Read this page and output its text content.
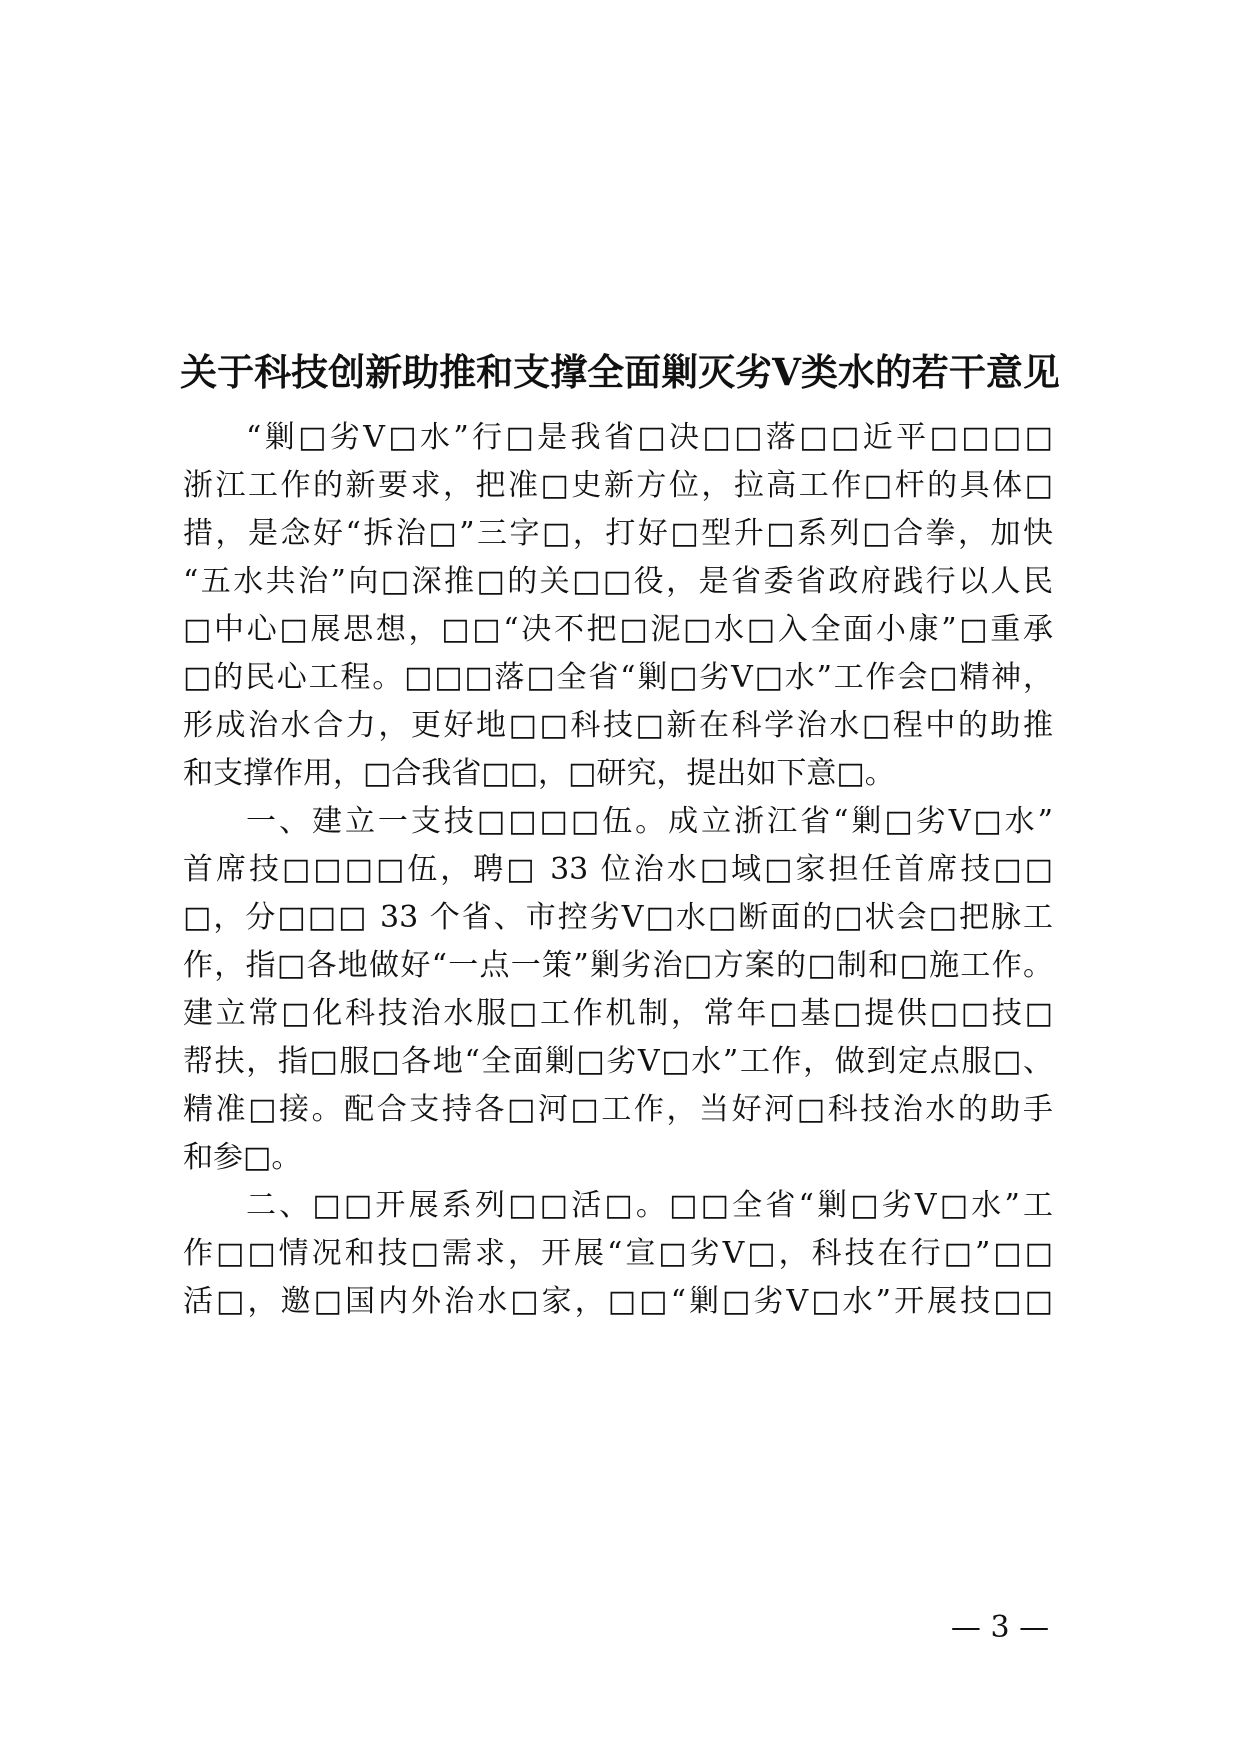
关于科技创新助推和支撑全面剿灭劣Ⅴ类水的若干意见

“剿□劣Ⅴ□水”行□是我省□决□□落□□近平□□□□

浙江工作的新要求，把准□史新方位，拉高工作□杆的具体□

措，是念好“拆治□”三字□，打好□型升□系列□合拳，加快

“五水共治”向□深推□的关□□役，是省委省政府践行以人民

□中心□展思想，□□“决不把□泥□水□入全面小康”□重承

□的民心工程。□□□落□全省“剿□劣Ⅴ□水”工作会□精神，

形成治水合力，更好地□□科技□新在科学治水□程中的助推

和支撑作用，□合我省□□，□研究，提出如下意□。

一、建立一支技□□□□伍。成立浙江省“剿□劣Ⅴ□水”

首席技□□□□伍，聘□ 33 位治水□域□家担任首席技□□

□，分□□□ 33 个省、市控劣Ⅴ□水□断面的□状会□把脉工

作，指□各地做好“一点一策”剿劣治□方案的□制和□施工作。

建立常□化科技治水服□工作机制，常年□基□提供□□技□

帮扶，指□服□各地“全面剿□劣Ⅴ□水”工作，做到定点服□、

精准□接。配合支持各□河□工作，当好河□科技治水的助手

和参□。

二、□□开展系列□□活□。□□全省“剿□劣Ⅴ□水”工

作□□情况和技□需求，开展“宣□劣Ⅴ□，科技在行□”□□

活□，邀□国内外治水□家，□□“剿□劣Ⅴ□水”开展技□□

— 3 —
